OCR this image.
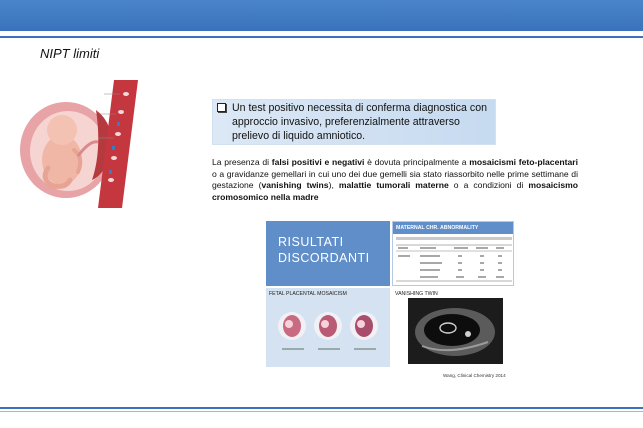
NIPT limiti
Un test positivo necessita di conferma diagnostica con approccio invasivo, preferenzialmente attraverso prelievo di liquido amniotico.
La presenza di falsi positivi e negativi è dovuta principalmente a mosaicismi feto-placentari o a gravidanze gemellari in cui uno dei due gemelli sia stato riassorbito nelle prime settimane di gestazione (vanishing twins), malattie tumorali materne o a condizioni di mosaicismo cromosomico nella madre
RISULTATI
DISCORDANTI
MATERNAL CHR. ABNORMALITY
FETAL PLACENTAL MOSAICISM	VANISHING TWIN
Wang, Clinical Chemistry 2014
